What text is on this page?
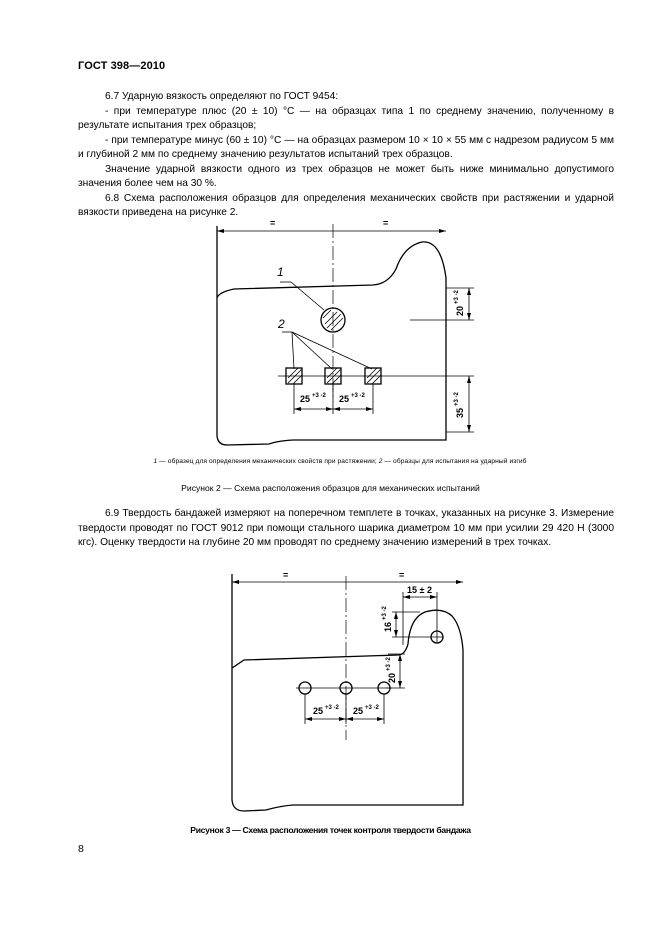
ГОСТ 398—2010

6.7 Ударную вязкость определяют по ГОСТ 9454:

- при температуре плюс (20 ± 10) °С — на образцах типа 1 по среднему значению, полученному в результате испытания трех образцов;

- при температуре минус (60 ± 10) °С — на образцах размером 10 × 10 × 55 мм с надрезом радиусом 5 мм и глубиной 2 мм по среднему значению результатов испытаний трех образцов.

Значение ударной вязкости одного из трех образцов не может быть ниже минимально допустимого значения более чем на 30 %.

6.8 Схема расположения образцов для определения механических свойств при растяжении и ударной вязкости приведена на рисунке 2.

=	=
1
2
25 +3 -2 25 +3 -2
20
+3 -2
35
+3 -2
1 — образец для определения механических свойств при растяжении; 2 — образцы для испытания на ударный изгиб
Рисунок 2 — Схема расположения образцов для механических испытаний

6.9 Твердость бандажей измеряют на поперечном темплете в точках, указанных на рисунке 3. Измерение твердости проводят по ГОСТ 9012 при помощи стального шарика диаметром 10 мм при усилии 29 420 Н (3000 кгс). Оценку твердости на глубине 20 мм проводят по среднему значению измерений в трех точках.

=	=
15 ± 2
16
+3 -2
20
+3 -2
25 +3 -2 25 +3 -2
Рисунок 3 — Схема расположения точек контроля твердости бандажа
8
